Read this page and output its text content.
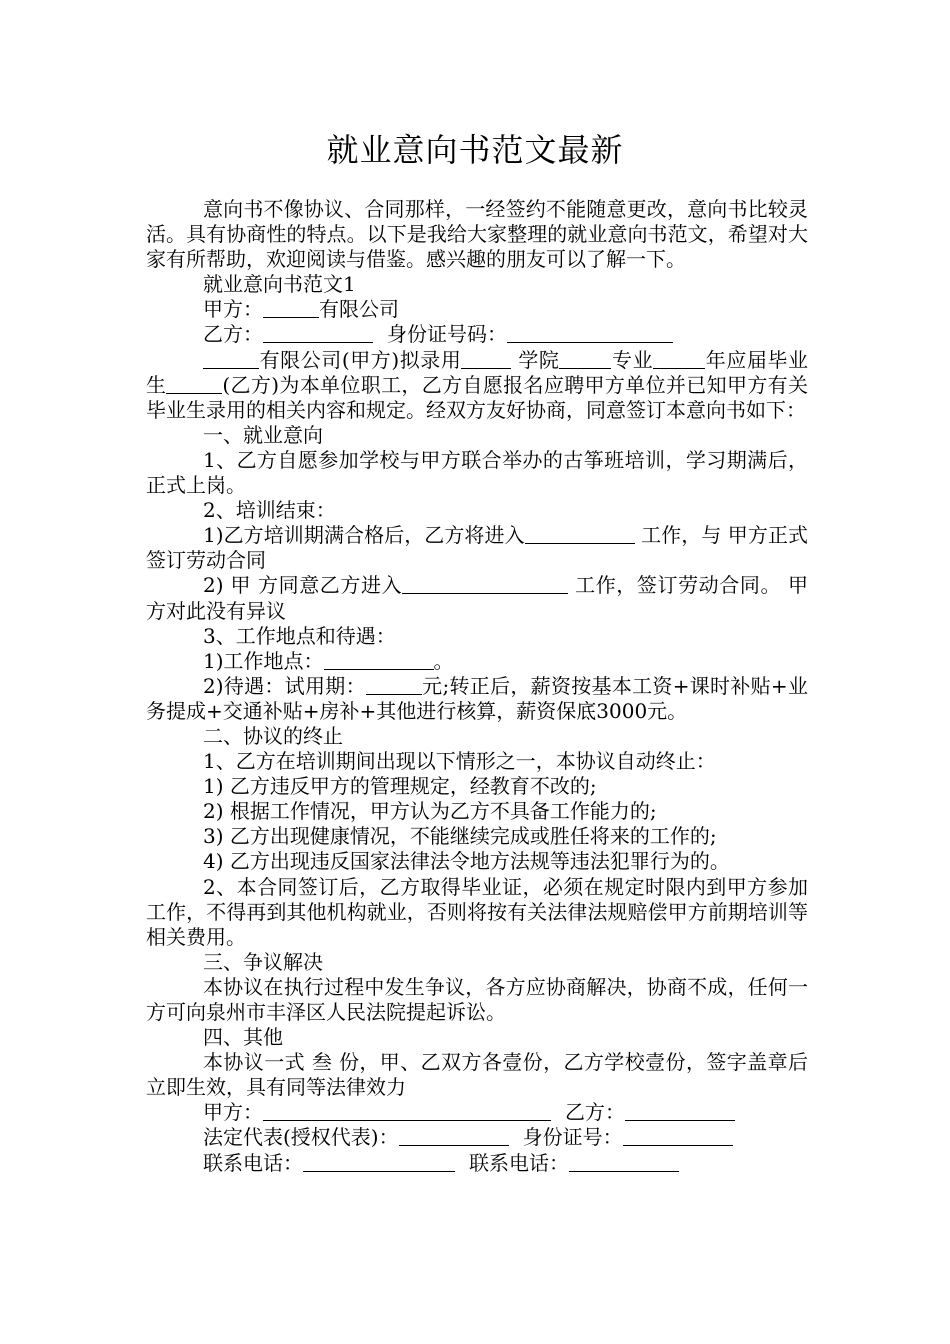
就业意向书范文最新

意向书不像协议、合同那样，一经签约不能随意更改，意向书比较灵活。具有协商性的特点。以下是我给大家整理的就业意向书范文，希望对大家有所帮助，欢迎阅读与借鉴。感兴趣的朋友可以了解一下。

就业意向书范文1

甲方：	有限公司

乙方：	身份证号码：

有限公司(甲方)拟录用	学院	专业	年应届毕业生	(乙方)为本单位职工，乙方自愿报名应聘甲方单位并已知甲方有关毕业生录用的相关内容和规定。经双方友好协商，同意签订本意向书如下：

一、就业意向

1、乙方自愿参加学校与甲方联合举办的古筝班培训，学习期满后，正式上岗。

2、培训结束：

1)乙方培训期满合格后，乙方将进入	工作，与 甲方正式签订劳动合同

2) 甲 方同意乙方进入	工作，签订劳动合同。 甲 方对此没有异议

3、工作地点和待遇：

1)工作地点：	。

2)待遇：试用期：	元;转正后，薪资按基本工资+课时补贴+业务提成+交通补贴+房补+其他进行核算，薪资保底3000元。

二、协议的终止

1、乙方在培训期间出现以下情形之一，本协议自动终止：

1) 乙方违反甲方的管理规定，经教育不改的;

2) 根据工作情况，甲方认为乙方不具备工作能力的;

3) 乙方出现健康情况，不能继续完成或胜任将来的工作的;

4) 乙方出现违反国家法律法令地方法规等违法犯罪行为的。

2、本合同签订后，乙方取得毕业证，必须在规定时限内到甲方参加工作，不得再到其他机构就业，否则将按有关法律法规赔偿甲方前期培训等相关费用。

三、争议解决

本协议在执行过程中发生争议，各方应协商解决，协商不成，任何一方可向泉州市丰泽区人民法院提起诉讼。

四、其他

本协议一式 叁 份，甲、乙双方各壹份，乙方学校壹份，签字盖章后立即生效，具有同等法律效力

甲方：	乙方：

法定代表(授权代表)：	身份证号：

联系电话：	联系电话：
